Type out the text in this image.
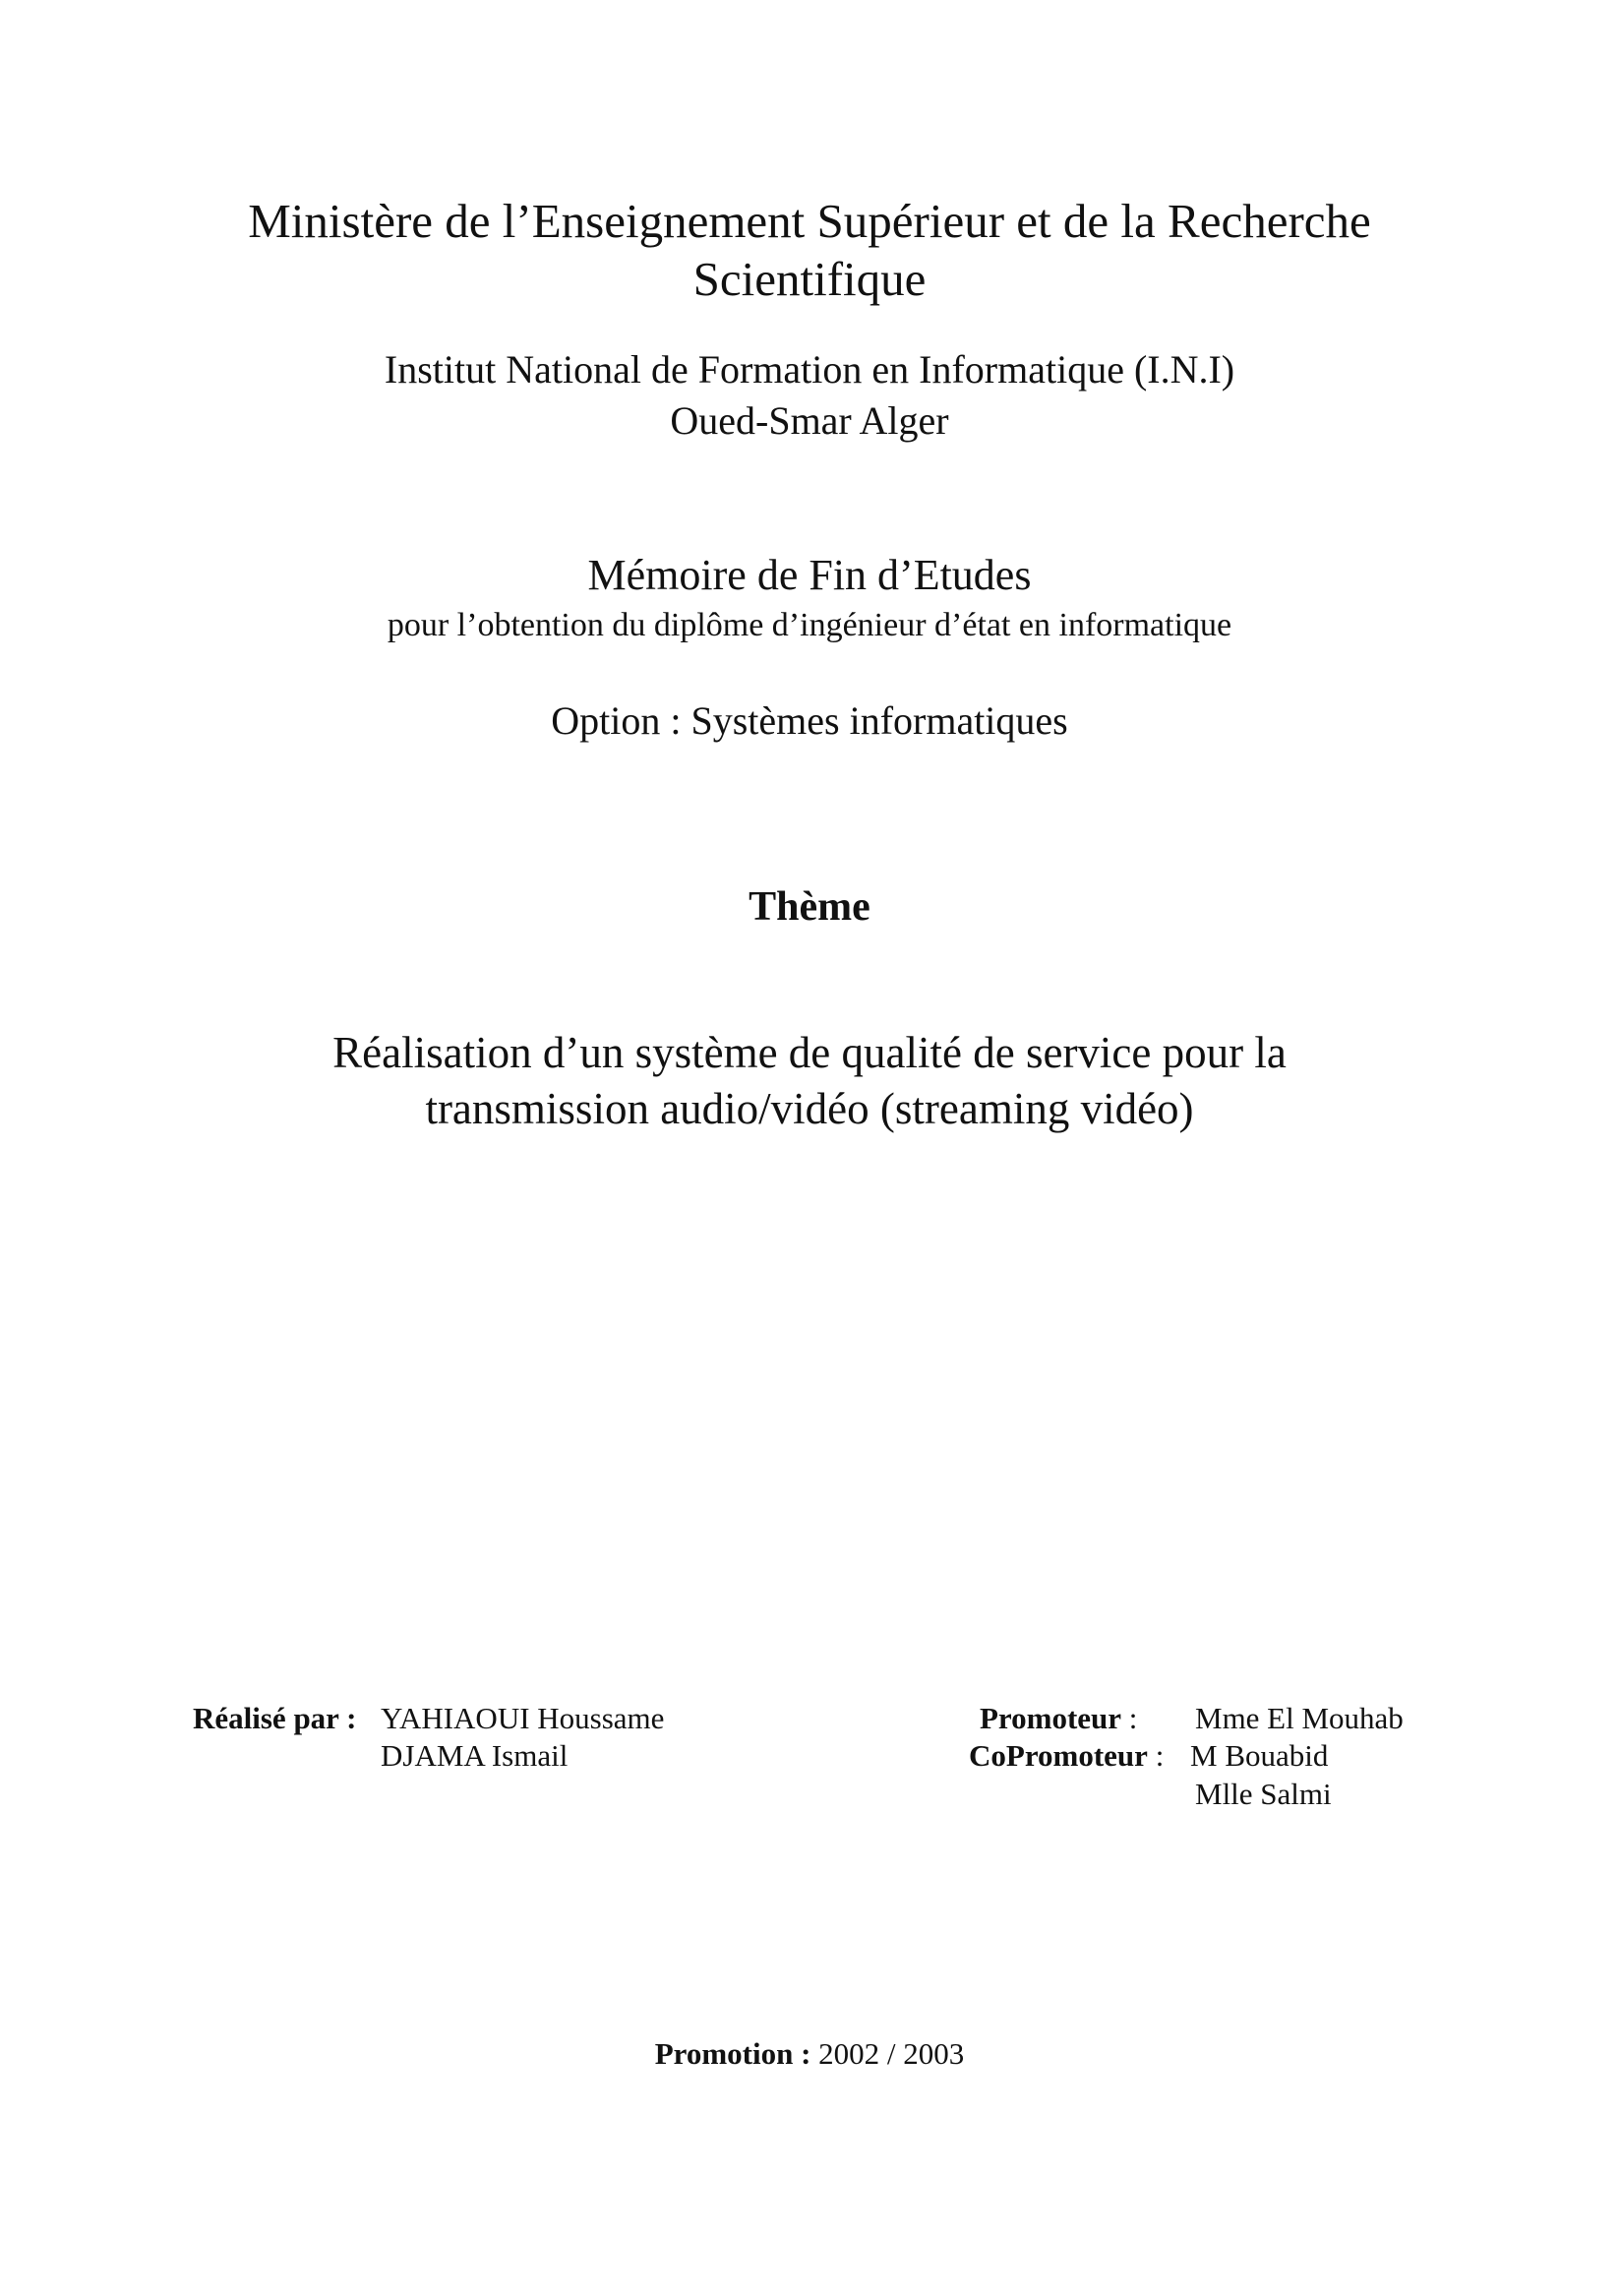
Ministère de l’Enseignement Supérieur et de la Recherche
Scientifique
Institut National de Formation en Informatique (I.N.I)
Oued-Smar Alger
Mémoire de Fin d’Etudes
pour l’obtention du diplôme d’ingénieur d’état en informatique
Option : Systèmes informatiques
Thème
Réalisation d’un système de qualité de service pour la
transmission audio/vidéo (streaming vidéo)
Réalisé par : YAHIAOUI Houssame
DJAMA Ismail
Promoteur : Mme El Mouhab
CoPromoteur : M Bouabid
Mlle Salmi
Promotion : 2002 / 2003
